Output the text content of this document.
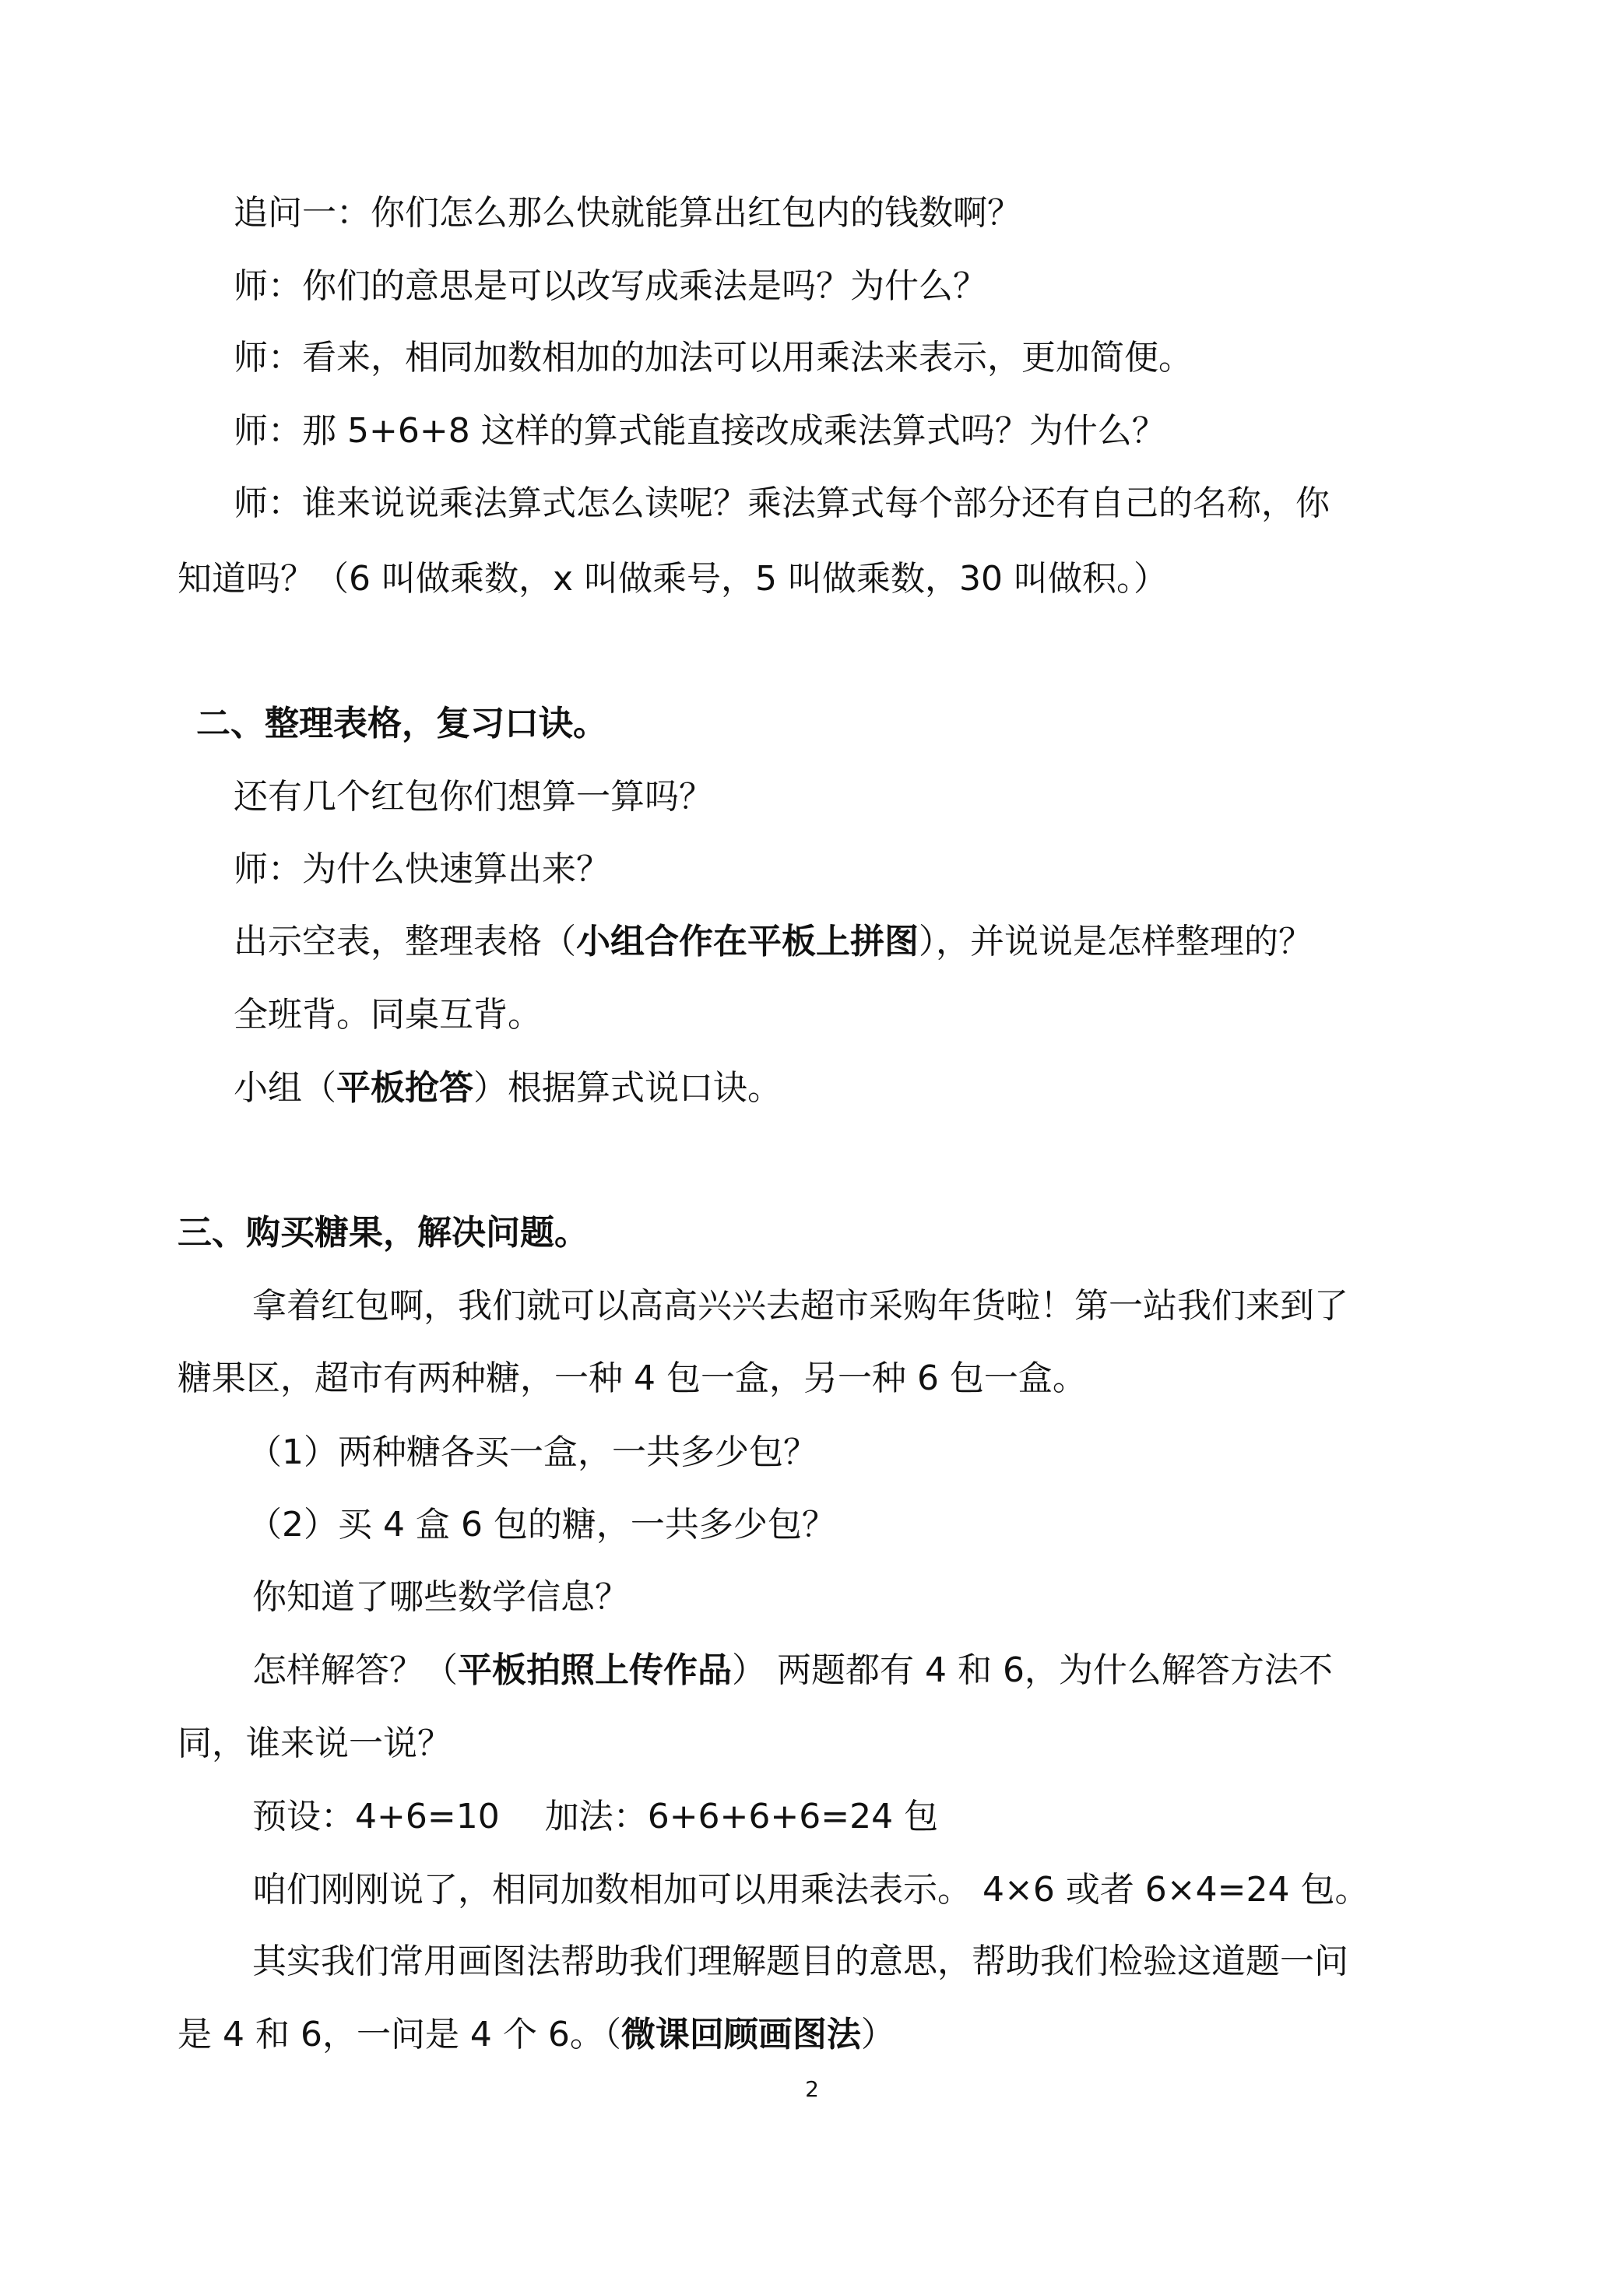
追问一：你们怎么那么快就能算出红包内的钱数啊？
师：你们的意思是可以改写成乘法是吗？为什么？
师：看来，相同加数相加的加法可以用乘法来表示，更加简便。
师：那 5+6+8 这样的算式能直接改成乘法算式吗？为什么？
师：谁来说说乘法算式怎么读呢？乘法算式每个部分还有自己的名称，你
知道吗？（6 叫做乘数，x 叫做乘号，5 叫做乘数，30 叫做积。）
二、整理表格，复习口诀。
还有几个红包你们想算一算吗？
师：为什么快速算出来？
出示空表，整理表格（小组合作在平板上拼图），并说说是怎样整理的？
全班背。同桌互背。
小组（平板抢答）根据算式说口诀。
三、购买糖果，解决问题。
拿着红包啊，我们就可以高高兴兴去超市采购年货啦！第一站我们来到了
糖果区，超市有两种糖，一种 4 包一盒，另一种 6 包一盒。
（1）两种糖各买一盒，一共多少包？
（2）买 4 盒 6 包的糖，一共多少包？
你知道了哪些数学信息？
怎样解答？（平板拍照上传作品） 两题都有 4 和 6，为什么解答方法不
同，谁来说一说？
预设：4+6=10　 加法：6+6+6+6=24 包
咱们刚刚说了，相同加数相加可以用乘法表示。 4×6 或者 6×4=24 包。
其实我们常用画图法帮助我们理解题目的意思，帮助我们检验这道题一问
是 4 和 6，一问是 4 个 6。（微课回顾画图法）
2
